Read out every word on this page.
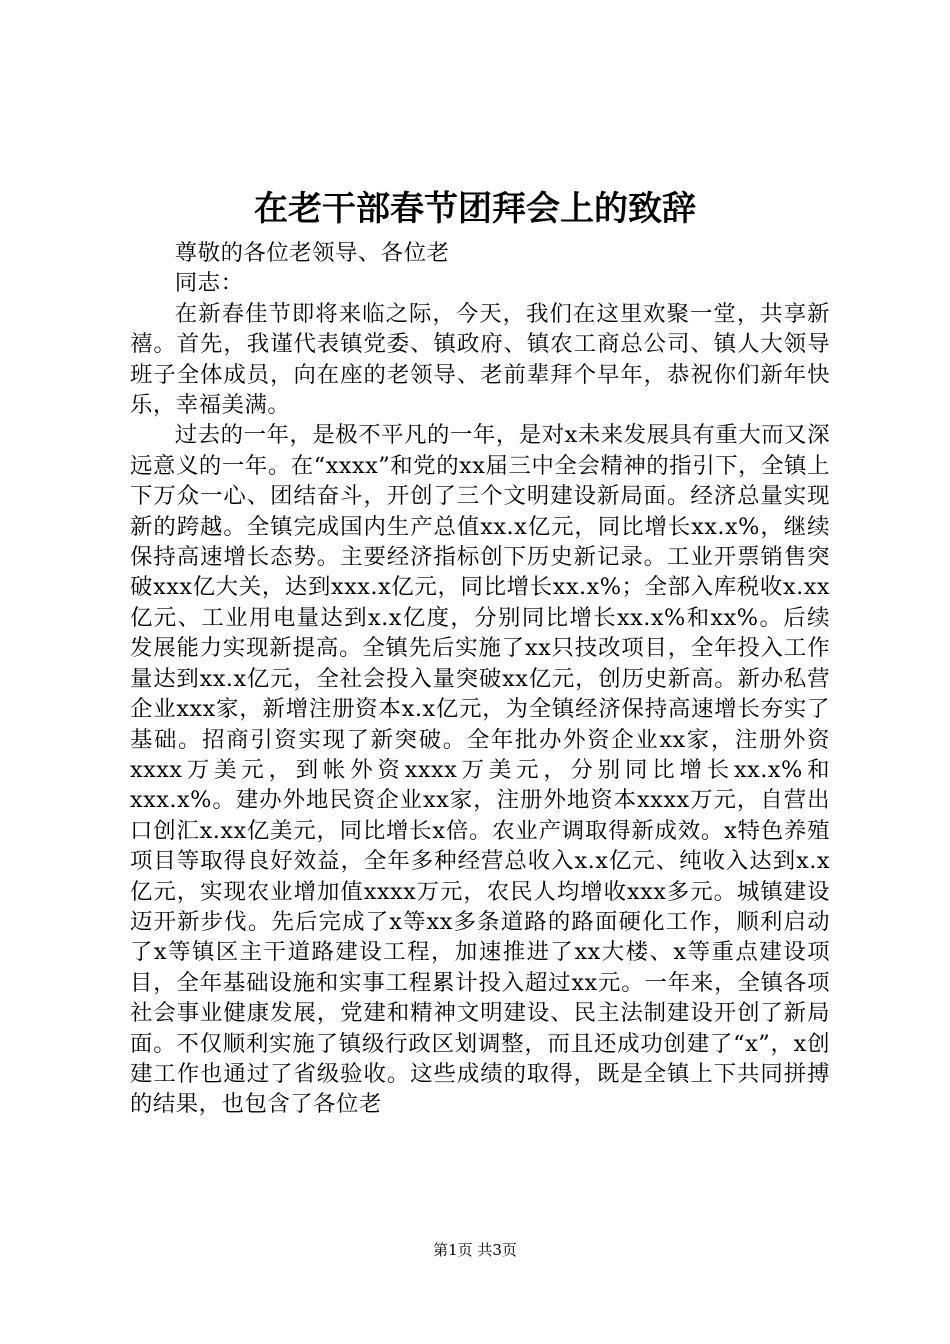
在老干部春节团拜会上的致辞

尊敬的各位老领导、各位老

同志：

在新春佳节即将来临之际，今天，我们在这里欢聚一堂，共享新禧。首先，我谨代表镇党委、镇政府、镇农工商总公司、镇人大领导班子全体成员，向在座的老领导、老前辈拜个早年，恭祝你们新年快乐，幸福美满。

过去的一年，是极不平凡的一年，是对x未来发展具有重大而又深远意义的一年。在“xxxx”和党的xx届三中全会精神的指引下，全镇上下万众一心、团结奋斗，开创了三个文明建设新局面。经济总量实现新的跨越。全镇完成国内生产总值xx.x亿元，同比增长xx.x%，继续保持高速增长态势。主要经济指标创下历史新记录。工业开票销售突破xxx亿大关，达到xxx.x亿元，同比增长xx.x%；全部入库税收x.xx亿元、工业用电量达到x.x亿度，分别同比增长xx.x%和xx%。后续发展能力实现新提高。全镇先后实施了xx只技改项目，全年投入工作量达到xx.x亿元，全社会投入量突破xx亿元，创历史新高。新办私营企业xxx家，新增注册资本x.x亿元，为全镇经济保持高速增长夯实了基础。招商引资实现了新突破。全年批办外资企业xx家，注册外资xxxx万美元，到帐外资xxxx万美元，分别同比增长xx.x%和xxx.x%。建办外地民资企业xx家，注册外地资本xxxx万元，自营出口创汇x.xx亿美元，同比增长x倍。农业产调取得新成效。x特色养殖项目等取得良好效益，全年多种经营总收入x.x亿元、纯收入达到x.x亿元，实现农业增加值xxxx万元，农民人均增收xxx多元。城镇建设迈开新步伐。先后完成了x等xx多条道路的路面硬化工作，顺利启动了x等镇区主干道路建设工程，加速推进了xx大楼、x等重点建设项目，全年基础设施和实事工程累计投入超过xx元。一年来，全镇各项社会事业健康发展，党建和精神文明建设、民主法制建设开创了新局面。不仅顺利实施了镇级行政区划调整，而且还成功创建了“x”，x创建工作也通过了省级验收。这些成绩的取得，既是全镇上下共同拼搏的结果，也包含了各位老

第1页 共3页
